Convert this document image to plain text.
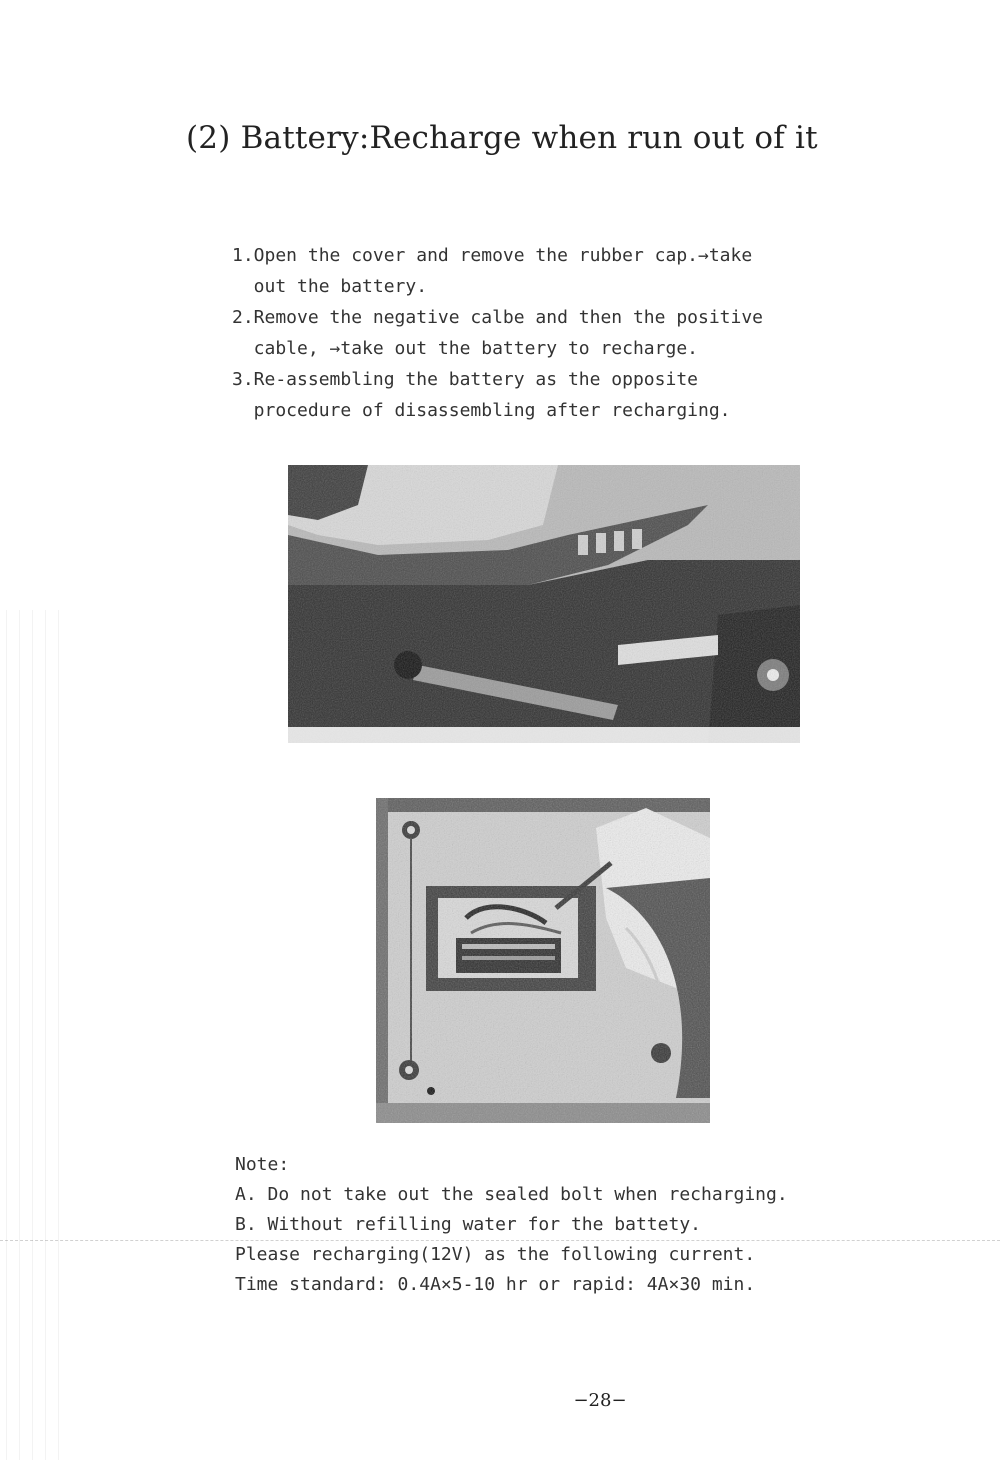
(2) Battery:Recharge when run out of it
1.Open the cover and remove the rubber cap.→take
out the battery.
2.Remove the negative calbe and then the positive
cable, →take out the battery to recharge.
3.Re-assembling the battery as the opposite
procedure of disassembling after recharging.
Note:
A. Do not take out the sealed bolt when recharging.
B. Without refilling water for the battety.
Please recharging(12V) as the following current.
Time standard: 0.4A×5-10 hr or rapid: 4A×30 min.
−28−
